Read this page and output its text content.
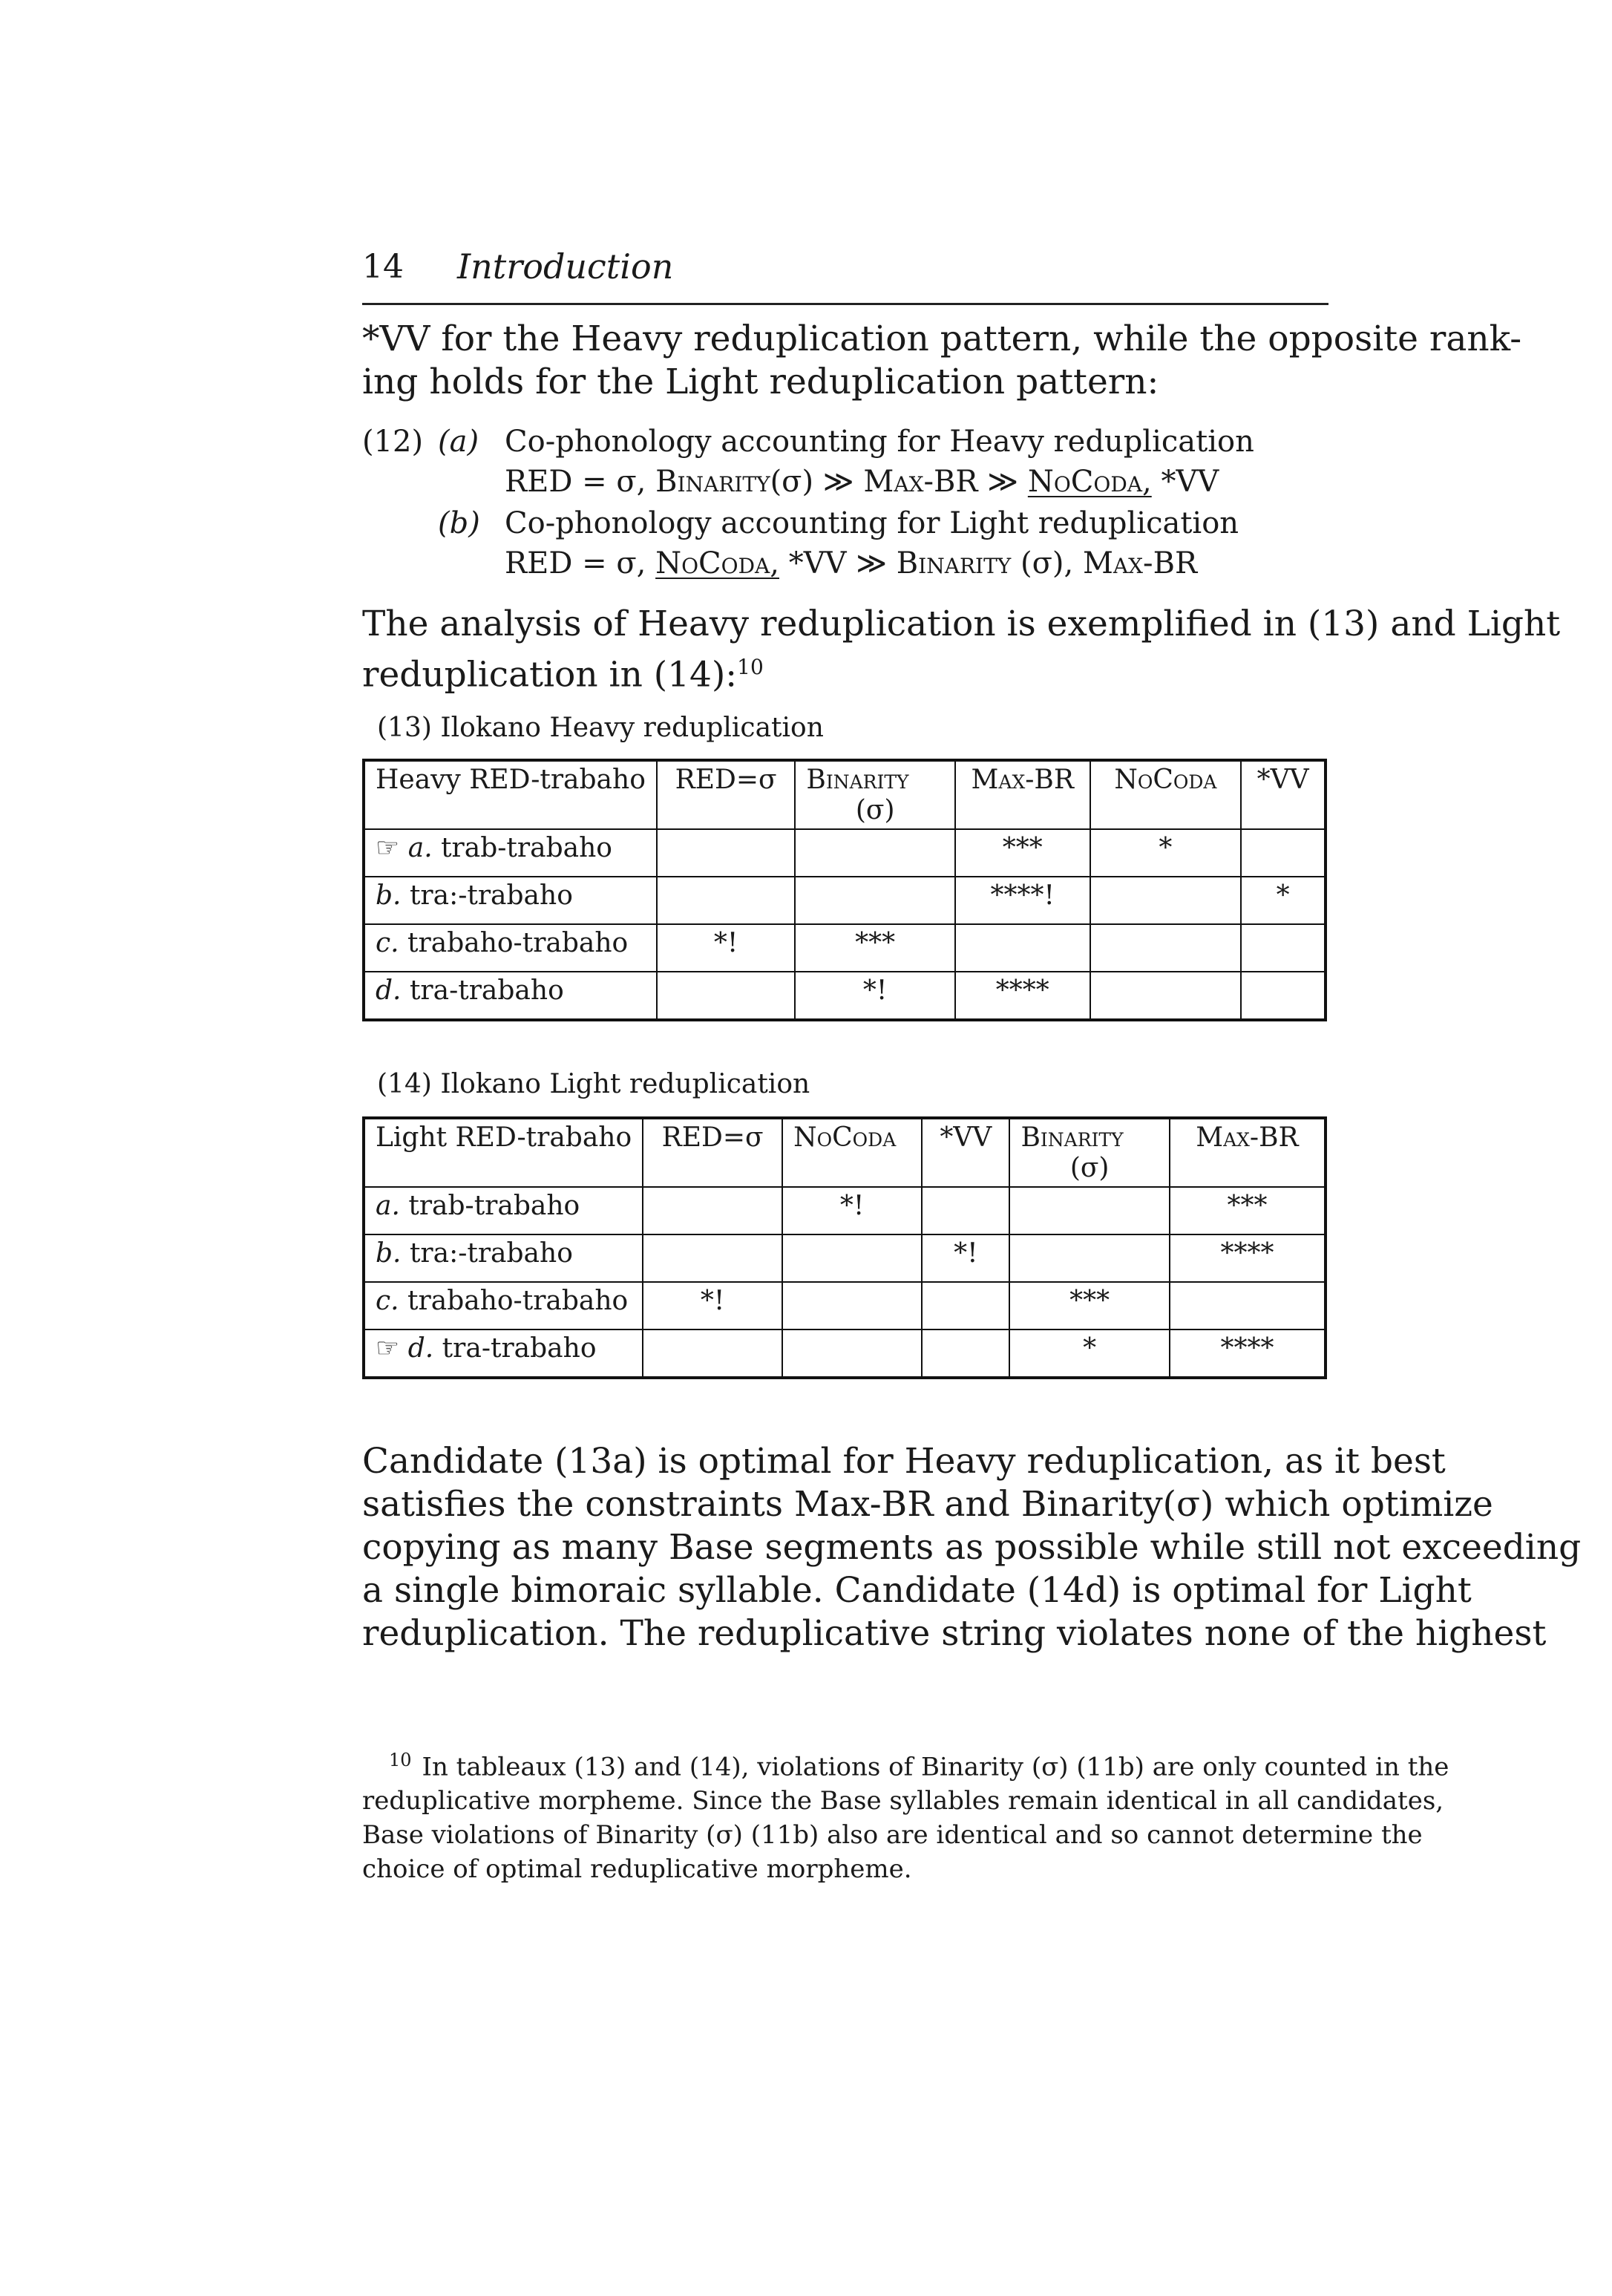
14 Introduction
*VV for the Heavy reduplication pattern, while the opposite rank-
ing holds for the Light reduplication pattern:
(12) (a) Co-phonology accounting for Heavy reduplication
RED = σ, Binarity(σ) ≫ Max-BR ≫ NoCoda, *VV
(b) Co-phonology accounting for Light reduplication
RED = σ, NoCoda, *VV ≫ Binarity (σ), Max-BR
The analysis of Heavy reduplication is exemplified in (13) and Light
reduplication in (14):$^{10}$
(13) Ilokano Heavy reduplication
Heavy RED-trabaho	RED=σ	Binarity
(σ)	Max-BR	NoCoda	*VV
☞ a. trab-trabaho			***	*	
b. tra:-trabaho			****!		*
c. trabaho-trabaho	*!	***			
d. tra-trabaho		*!	****		
(14) Ilokano Light reduplication
Light RED-trabaho	RED=σ	NoCoda	*VV	Binarity
(σ)	Max-BR
a. trab-trabaho		*!			***
b. tra:-trabaho			*!		****
c. trabaho-trabaho	*!			***	
☞ d. tra-trabaho				*	****
Candidate (13a) is optimal for Heavy reduplication, as it best
satisfies the constraints Max-BR and Binarity(σ) which optimize
copying as many Base segments as possible while still not exceeding
a single bimoraic syllable. Candidate (14d) is optimal for Light
reduplication. The reduplicative string violates none of the highest
$^{10}$ In tableaux (13) and (14), violations of Binarity (σ) (11b) are only counted in the
reduplicative morpheme. Since the Base syllables remain identical in all candidates,
Base violations of Binarity (σ) (11b) also are identical and so cannot determine the
choice of optimal reduplicative morpheme.
